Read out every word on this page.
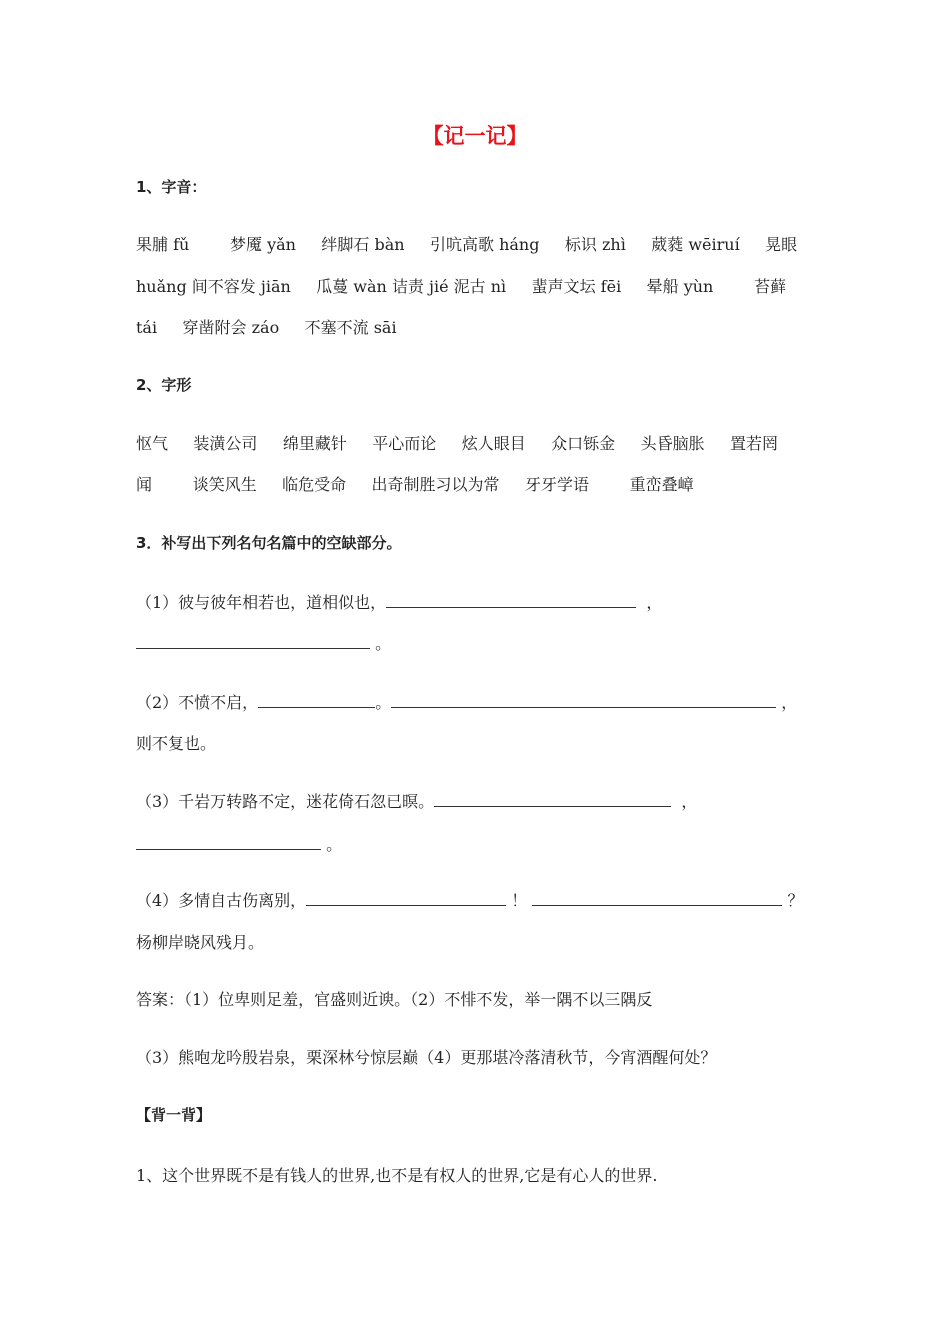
【记一记】
1、字音：
果脯 fǔ        梦魇 yǎn     绊脚石 bàn     引吭高歌 háng     标识 zhì     葳蕤 wēiruí     晃眼
huǎng 间不容发 jiān     瓜蔓 wàn 诘责 jié 泥古 nì     蜚声文坛 fēi     晕船 yùn        苔藓
tái     穿凿附会 záo     不塞不流 sāi
2、字形
怄气     装潢公司     绵里藏针     平心而论     炫人眼目     众口铄金     头昏脑胀     置若罔
闻        谈笑风生     临危受命     出奇制胜习以为常     牙牙学语        重峦叠嶂
3．补写出下列名句名篇中的空缺部分。
（1）彼与彼年相若也，道相似也，	，
。
（2）不愤不启，	。	，
则不复也。
（3）千岩万转路不定，迷花倚石忽已暝。	，
。
（4）多情自古伤离别，	！	？
杨柳岸晓风残月。
答案：（1）位卑则足羞，官盛则近谀。（2）不悱不发，举一隅不以三隅反
（3）熊咆龙吟殷岩泉，栗深林兮惊层巅（4）更那堪冷落清秋节，今宵酒醒何处？
【背一背】
1、这个世界既不是有钱人的世界,也不是有权人的世界,它是有心人的世界.
